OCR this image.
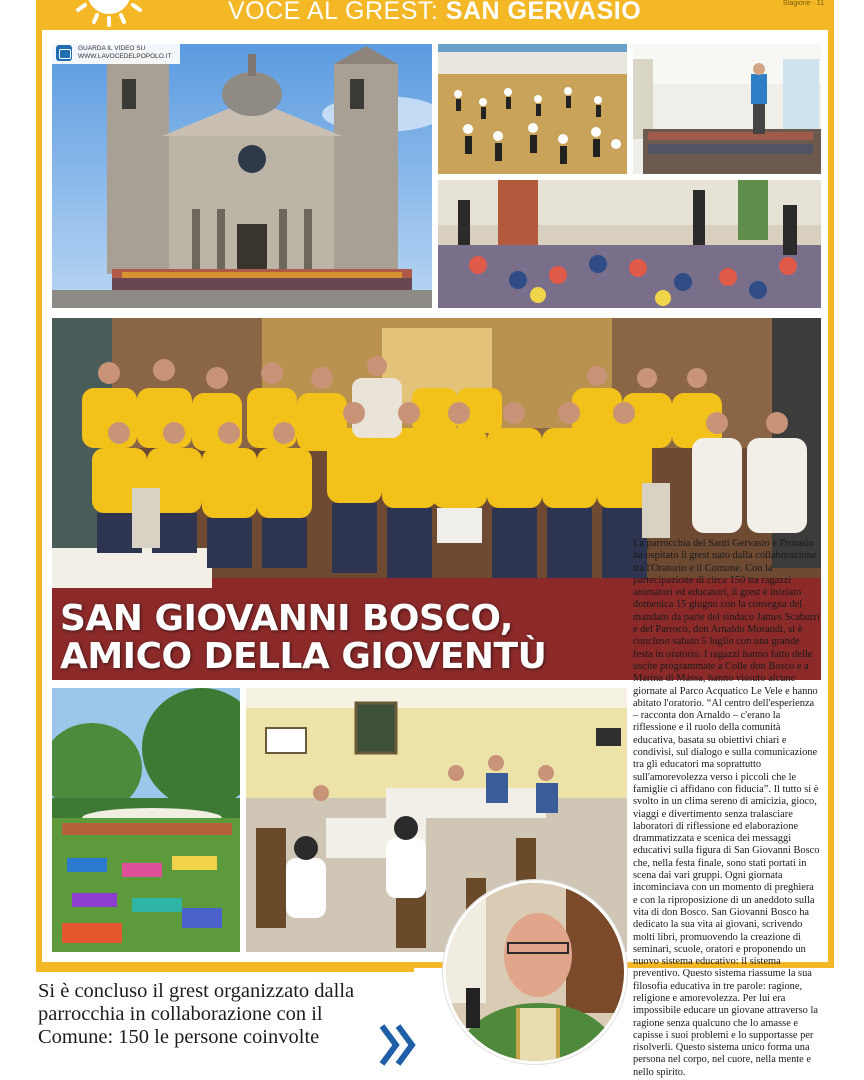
VOCE AL GREST: SAN GERVASIO	Stagione · 11
GUARDA IL VIDEO SU
WWW.LAVOCEDELPOPOLO.IT
SAN GIOVANNI BOSCO,
AMICO DELLA GIOVENTÙ
La parrocchia dei Santi Gervasio e Protasio ha ospitato il grest nato dalla collaborazione tra l'Oratorio e il Comune. Con la partecipazione di circa 150 tra ragazzi animatori ed educatori, il grest è iniziato domenica 15 giugno con la consegna del mandato da parte del sindaco James Scaburri e del Parroco, don Arnaldo Morandi, si è concluso sabato 5 luglio con una grande festa in oratorio. I ragazzi hanno fatto delle uscite programmate a Colle don Bosco e a Marina di Massa, hanno vissuto alcune giornate al Parco Acquatico Le Vele e hanno abitato l'oratorio. “Al centro dell'esperienza – racconta don Arnaldo – c'erano la riflessione e il ruolo della comunità educativa, basata su obiettivi chiari e condivisi, sul dialogo e sulla comunicazione tra gli educatori ma soprattutto sull'amorevolezza verso i piccoli che le famiglie ci affidano con fiducia”. Il tutto si è svolto in un clima sereno di amicizia, gioco, viaggi e divertimento senza tralasciare laboratori di riflessione ed elaborazione drammatizzata e scenica dei messaggi educativi sulla figura di San Giovanni Bosco che, nella festa finale, sono stati portati in scena dai vari gruppi. Ogni giornata incominciava con un momento di preghiera e con la riproposizione di un aneddoto sulla vita di don Bosco. San Giovanni Bosco ha dedicato la sua vita ai giovani, scrivendo molti libri, promuovendo la creazione di seminari, scuole, oratori e proponendo un nuovo sistema educativo: il sistema preventivo. Questo sistema riassume la sua filosofia educativa in tre parole: ragione, religione e amorevolezza. Per lui era impossibile educare un giovane attraverso la ragione senza qualcuno che lo amasse e capisse i suoi problemi e lo supportasse per risolverli. Questo sistema unico forma una persona nel corpo, nel cuore, nella mente e nello spirito.
Si è concluso il grest organizzato dalla parrocchia in collaborazione con il Comune: 150 le persone coinvolte
